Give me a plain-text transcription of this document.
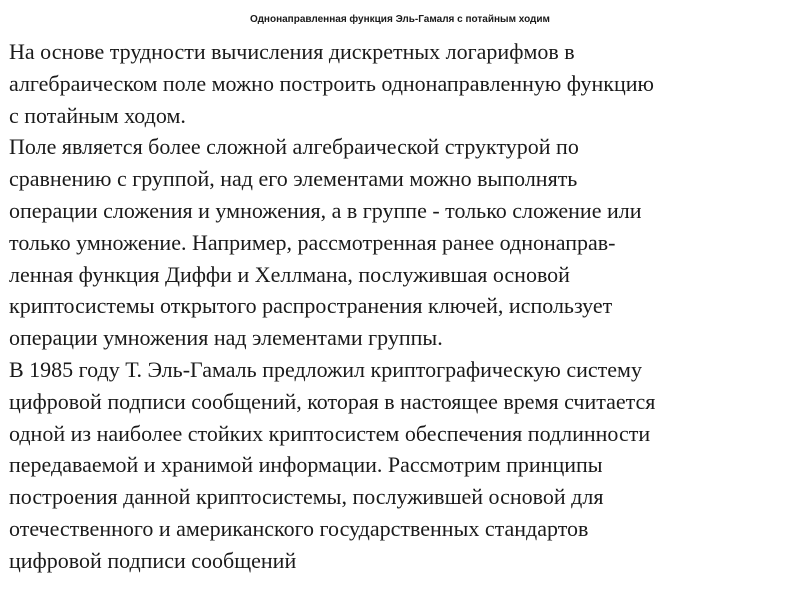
Однонаправленная функция Эль-Гамаля с потайным ходим
На основе трудности вычисления дискретных логарифмов в
алгебраическом поле можно построить однонаправленную функцию
с потайным ходом.
Поле является более сложной алгебраической структурой по
сравнению с группой, над его элементами можно выполнять
операции сложения и умножения, а в группе - только сложение или
только умножение. Например, рассмотренная ранее однонаправ-
ленная функция Диффи и Хеллмана, послужившая основой
криптосистемы открытого распространения ключей, использует
операции умножения над элементами группы.
В 1985 году Т. Эль-Гамаль предложил криптографическую систему
цифровой подписи сообщений, которая в настоящее время считается
одной из наиболее стойких криптосистем обеспечения подлинности
передаваемой и хранимой информации. Рассмотрим принципы
построения данной криптосистемы, послужившей основой для
отечественного и американского государственных стандартов
цифровой подписи сообщений
